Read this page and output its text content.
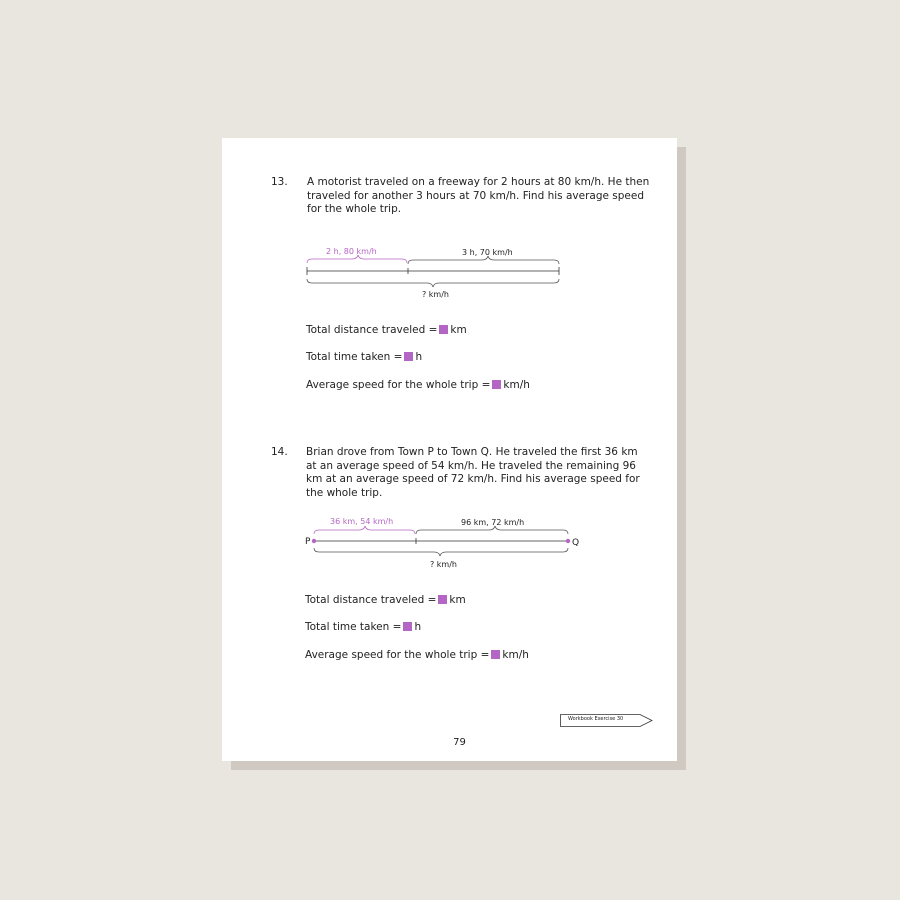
13. A motorist traveled on a freeway for 2 hours at 80 km/h. He then traveled for another 3 hours at 70 km/h. Find his average speed for the whole trip.
2 h, 80 km/h	3 h, 70 km/h
? km/h
Total distance traveled = km
Total time taken = h
Average speed for the whole trip = km/h
14. Brian drove from Town P to Town Q. He traveled the first 36 km at an average speed of 54 km/h. He traveled the remaining 96 km at an average speed of 72 km/h. Find his average speed for the whole trip.
36 km, 54 km/h	96 km, 72 km/h
P	Q
? km/h
Total distance traveled = km
Total time taken = h
Average speed for the whole trip = km/h
Workbook Exercise 30
79
